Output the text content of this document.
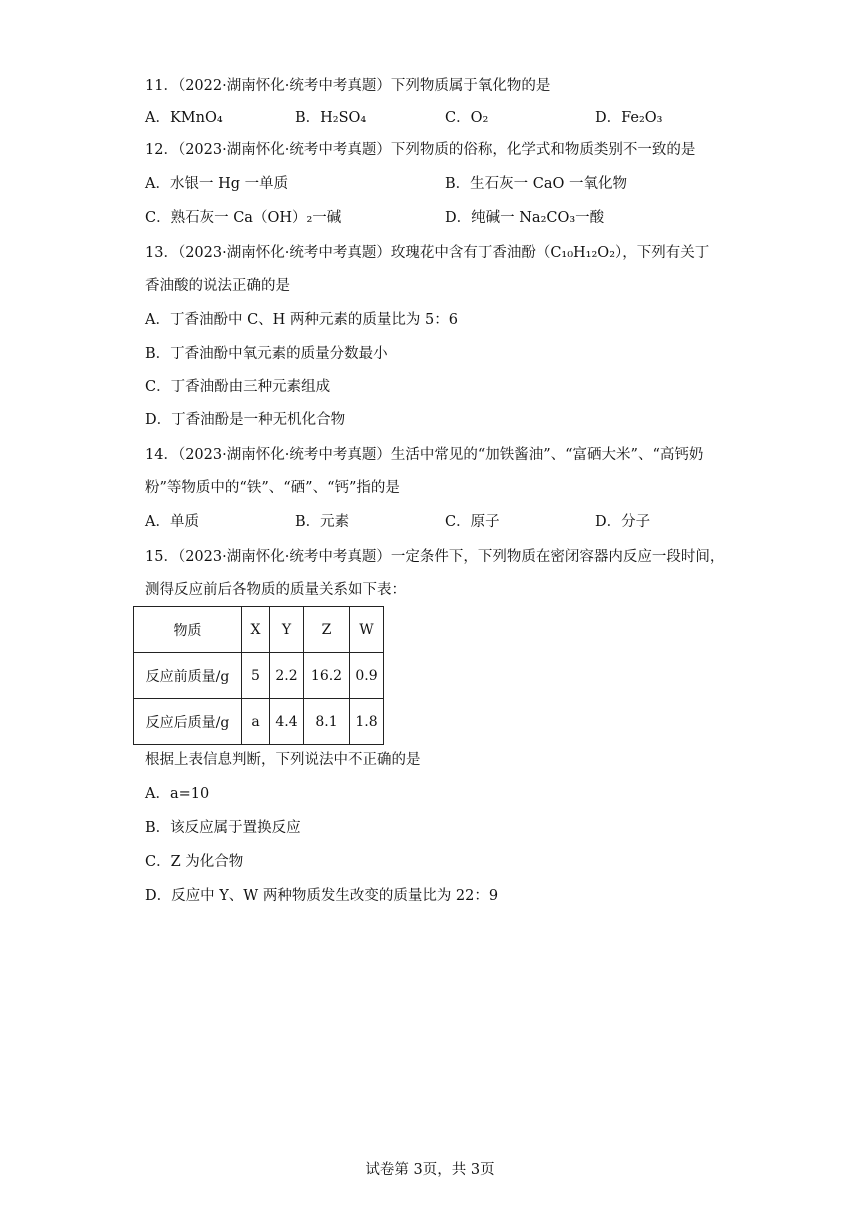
11．（2022·湖南怀化·统考中考真题）下列物质属于氧化物的是
A．KMnO₄	B．H₂SO₄	C．O₂	D．Fe₂O₃
12．（2023·湖南怀化·统考中考真题）下列物质的俗称，化学式和物质类别不一致的是
A．水银一 Hg 一单质	B．生石灰一 CaO 一氧化物
C．熟石灰一 Ca（OH）₂一碱	D．纯碱一 Na₂CO₃一酸
13．（2023·湖南怀化·统考中考真题）玫瑰花中含有丁香油酚（C₁₀H₁₂O₂），下列有关丁
香油酸的说法正确的是
A．丁香油酚中 C、H 两种元素的质量比为 5：6
B．丁香油酚中氧元素的质量分数最小
C．丁香油酚由三种元素组成
D．丁香油酚是一种无机化合物
14．（2023·湖南怀化·统考中考真题）生活中常见的“加铁酱油”、“富硒大米”、“高钙奶
粉”等物质中的“铁”、“硒”、“钙”指的是
A．单质	B．元素	C．原子	D．分子
15．（2023·湖南怀化·统考中考真题）一定条件下，下列物质在密闭容器内反应一段时间，
测得反应前后各物质的质量关系如下表：
物质	X	Y	Z	W
反应前质量/g	5	2.2	16.2	0.9
反应后质量/g	a	4.4	8.1	1.8
根据上表信息判断，下列说法中不正确的是
A．a=10
B．该反应属于置换反应
C．Z 为化合物
D．反应中 Y、W 两种物质发生改变的质量比为 22：9
试卷第 3页，共 3页
